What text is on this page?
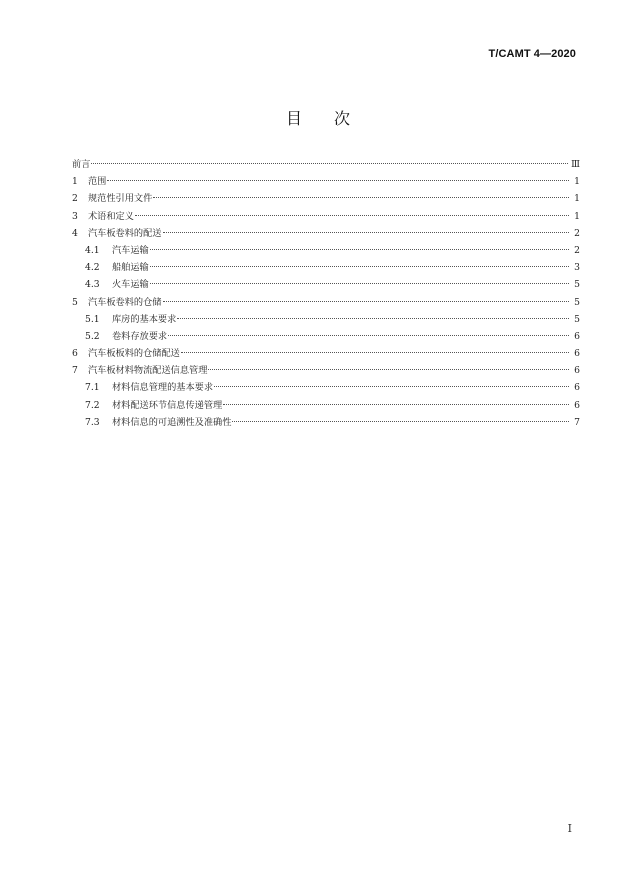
T/CAMT 4—2020
目 次
前言	Ⅲ
1	范围	1
2	规范性引用文件	1
3	术语和定义	1
4	汽车板卷料的配送	2
4.1	汽车运输	2
4.2	船舶运输	3
4.3	火车运输	5
5	汽车板卷料的仓储	5
5.1	库房的基本要求	5
5.2	卷料存放要求	6
6	汽车板板料的仓储配送	6
7	汽车板材料物流配送信息管理	6
7.1	材料信息管理的基本要求	6
7.2	材料配送环节信息传递管理	6
7.3	材料信息的可追溯性及准确性	7
I
